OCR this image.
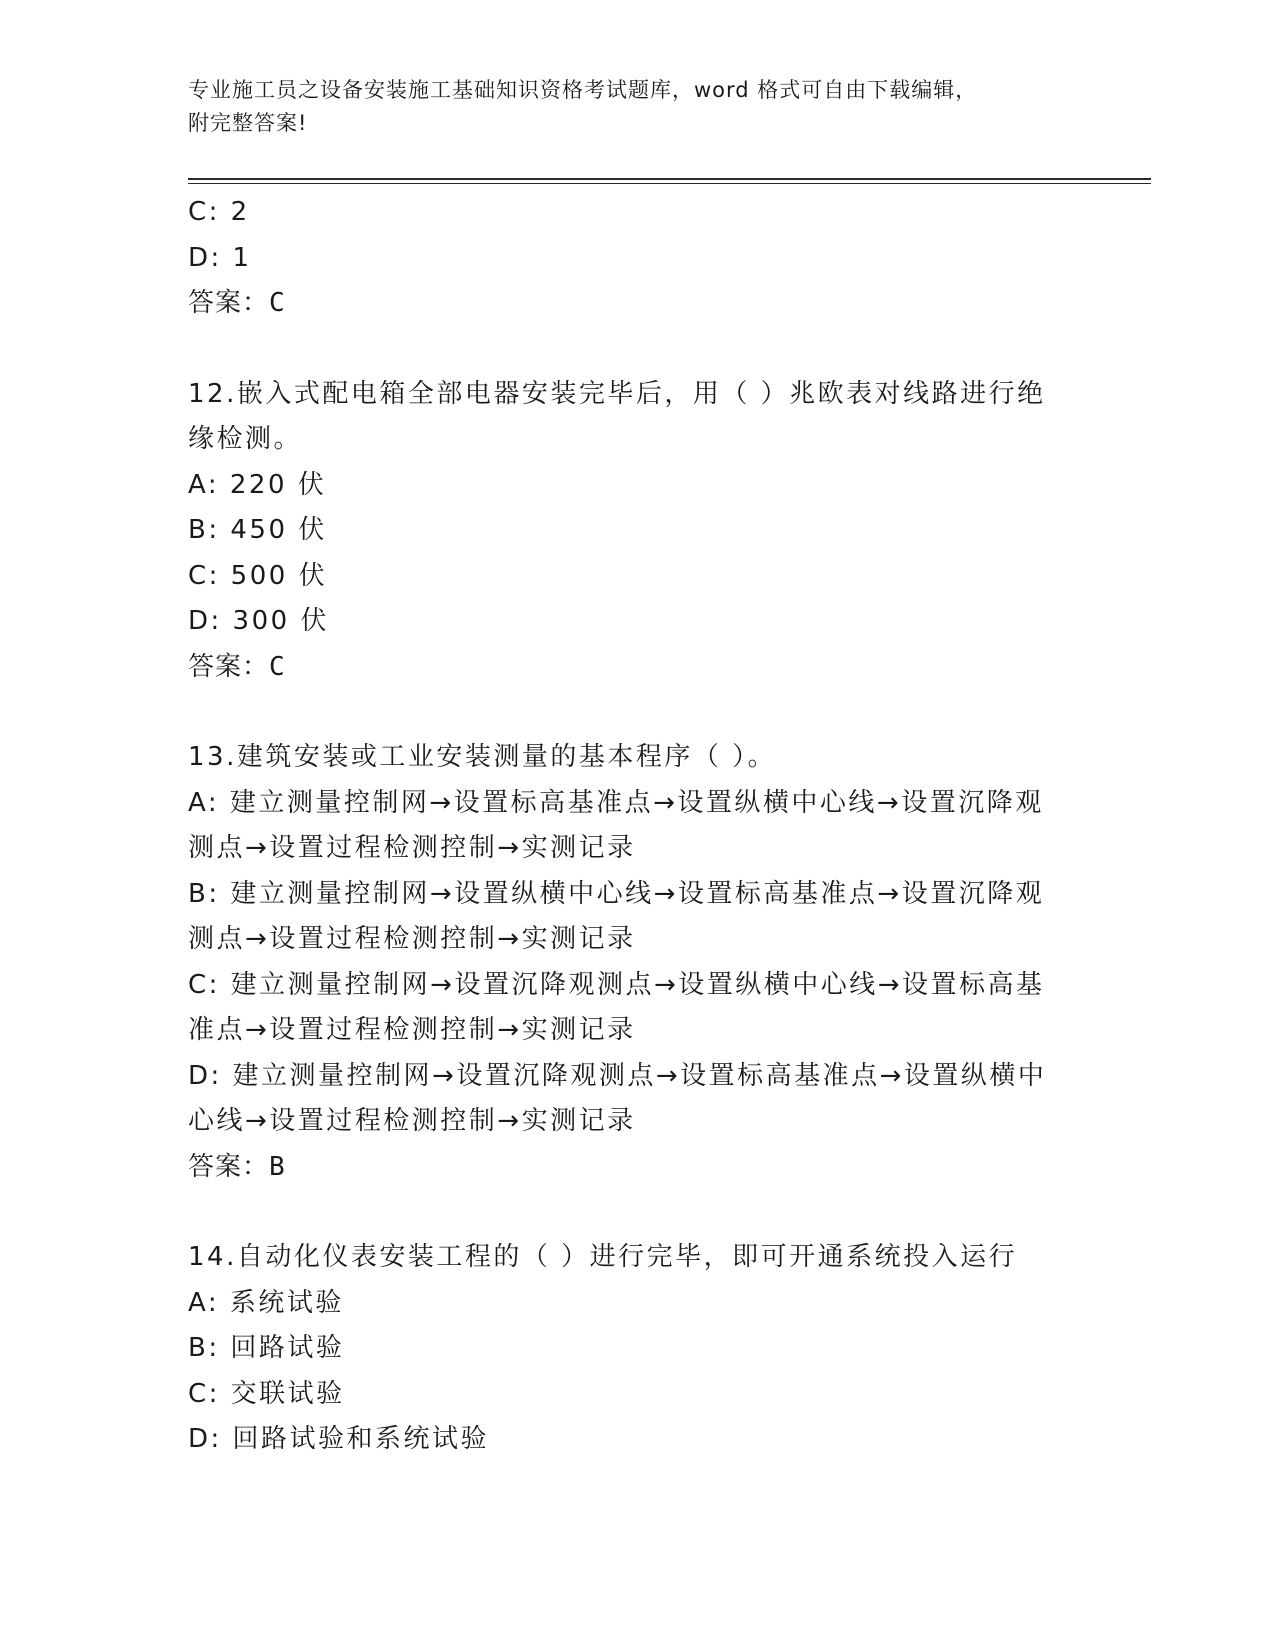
专业施工员之设备安装施工基础知识资格考试题库，word 格式可自由下载编辑，
附完整答案!

C: 2

D: 1

答案：C

12.嵌入式配电箱全部电器安装完毕后，用（ ）兆欧表对线路进行绝

缘检测。

A: 220 伏

B: 450 伏

C: 500 伏

D: 300 伏

答案：C

13.建筑安装或工业安装测量的基本程序（ ）。

A: 建立测量控制网→设置标高基准点→设置纵横中心线→设置沉降观

测点→设置过程检测控制→实测记录

B: 建立测量控制网→设置纵横中心线→设置标高基准点→设置沉降观

测点→设置过程检测控制→实测记录

C: 建立测量控制网→设置沉降观测点→设置纵横中心线→设置标高基

准点→设置过程检测控制→实测记录

D: 建立测量控制网→设置沉降观测点→设置标高基准点→设置纵横中

心线→设置过程检测控制→实测记录

答案：B

14.自动化仪表安装工程的（ ）进行完毕，即可开通系统投入运行

A: 系统试验

B: 回路试验

C: 交联试验

D: 回路试验和系统试验
